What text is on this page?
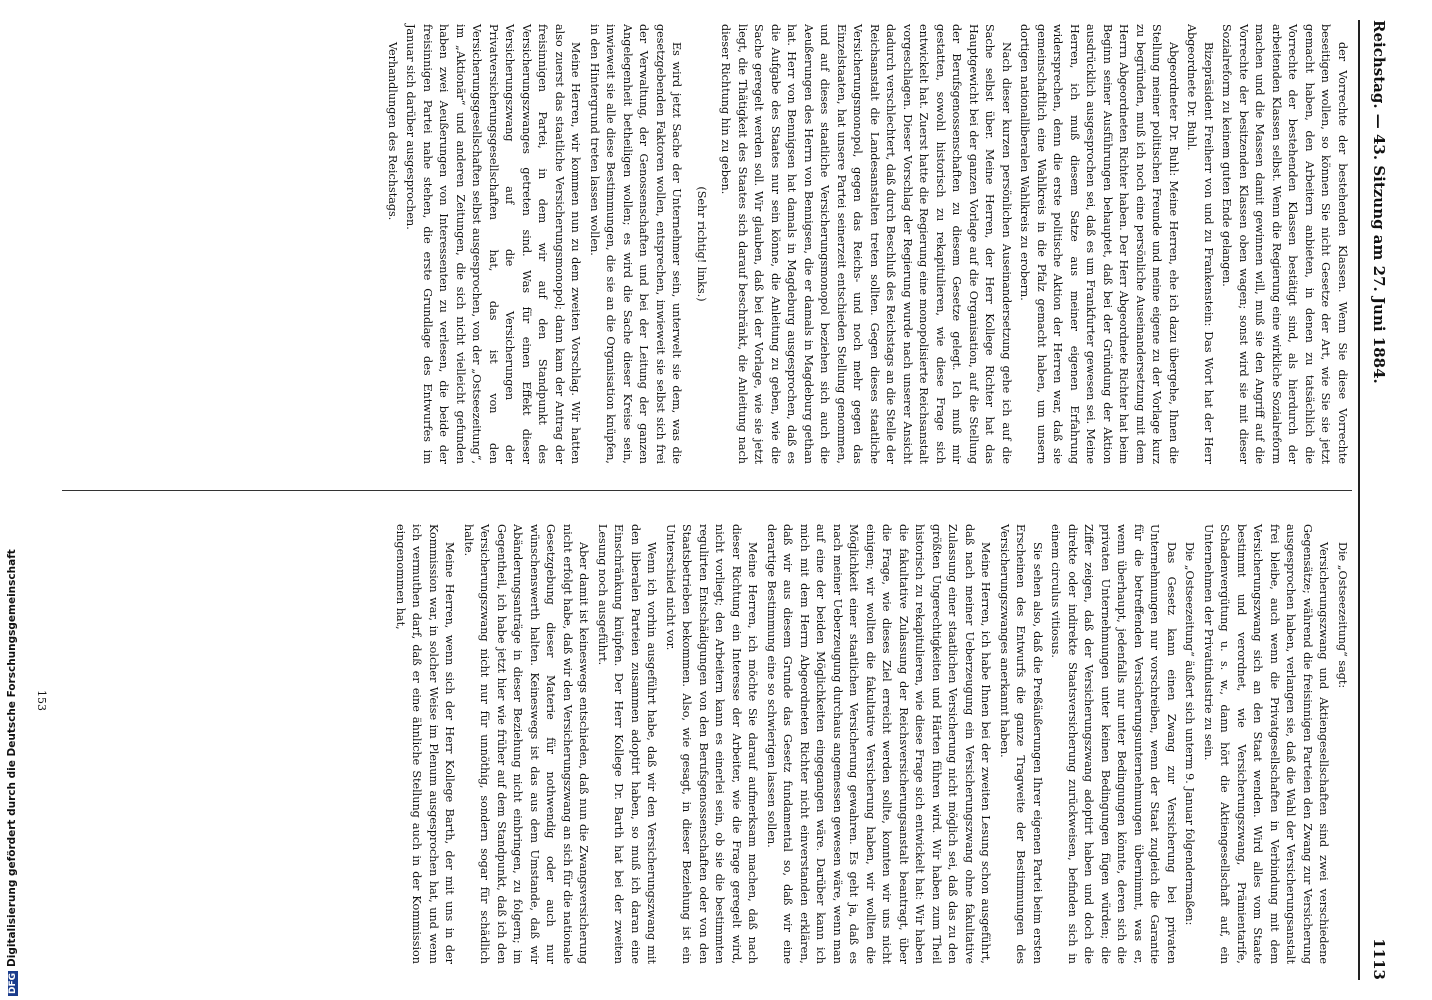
Reichstag. — 43. Sitzung am 27. Juni 1884.
1113

der Vorrechte der bestehenden Klassen. Wenn Sie diese Vorrechte beseitigen wollen, so können Sie nicht Gesetze der Art, wie Sie sie jetzt gemacht haben, den Arbeitern anbieten, in denen zu tatsächlich die Vorrechte der bestehenden Klassen bestätigt sind, als hierdurch der arbeitenden Klassen selbst. Wenn die Regierung eine wirkliche Sozialreform machen und die Massen damit gewinnen will, muß sie den Angriff auf die Vorrechte der besitzenden Klassen oben wagen; sonst wird sie mit dieser Sozialreform zu keinem guten Ende gelangen.

Bizepräsident Freiherr von und zu Frankenstein: Das Wort hat der Herr Abgeordnete Dr. Buhl.

Abgeordneter Dr. Buhl: Meine Herren, ehe ich dazu übergehe, Ihnen die Stellung meiner politischen Freunde und meine eigene zu der Vorlage kurz zu begründen, muß ich noch eine persönliche Auseinandersetzung mit dem Herrn Abgeordneten Richter haben. Der Herr Abgeordnete Richter hat beim Beginn seiner Ausführungen behauptet, daß bei der Gründung der Aktion ausdrücklich ausgesprochen sei, daß es um Frankfurter gewesen sei. Meine Herren, ich muß diesem Satze aus meiner eigenen Erfahrung widersprechen, denn die erste politische Aktion der Herren war, daß sie gemeinschaftlich eine Wahlkreis in die Pfalz gemacht haben, um unsern dortigen nationalliberalen Wahlkreis zu erobern.

Nach dieser kurzen persönlichen Auseinandersetzung gehe ich auf die Sache selbst über. Meine Herren, der Herr Kollege Richter hat das Hauptgewicht bei der ganzen Vorlage auf die Organisation, auf die Stellung der Berufsgenossenschaften zu diesem Gesetze gelegt. Ich muß mir gestatten, sowohl historisch zu rekapitulieren, wie diese Frage sich entwickelt hat. Zuerst hatte die Regierung eine monopolisierte Reichsanstalt vorgeschlagen. Dieser Vorschlag der Regierung wurde nach unserer Ansicht dadurch verschlechtert, daß durch Beschluß des Reichstags an die Stelle der Reichsanstalt die Landesanstalten treten sollten. Gegen dieses staatliche Versicherungsmonopol, gegen das Reichs- und noch mehr gegen das Einzelstaaten, hat unsere Partei seinerzeit entschieden Stellung genommen, und auf dieses staatliche Versicherungsmonopol beziehen sich auch die Aeußerungen des Herrn von Bennigsen, die er damals in Magdeburg gethan hat. Herr von Bennigsen hat damals in Magdeburg ausgesprochen, daß es die Aufgabe des Staates nur sein könne, die Anleitung zu geben, wie die Sache geregelt werden soll. Wir glauben, daß bei der Vorlage, wie sie jetzt liegt, die Thätigkeit des Staates sich darauf beschränkt, die Anleitung nach dieser Richtung hin zu geben.

(Sehr richtig! links.)

Es wird jetzt Sache der Unternehmer sein, unterwelt sie dem, was die gesetzgebenden Faktoren wollen, entsprechen, inwieweit sie selbst sich frei der Verwaltung, der Genossenschaften und bei der Leitung der ganzen Angelegenheit betheiligen wollen; es wird die Sache dieser Kreise sein, inwieweit sie alle diese Bestimmungen, die sie an die Organisation knüpfen, in den Hintergrund treten lassen wollen.

Meine Herren, wir kommen nun zu dem zweiten Vorschlag. Wir hatten also zuerst das staatliche Versicherungsmonopol; dann kam der Antrag der freisinnigen Partei, in dem wir auf den Standpunkt des Versicherungszwanges getreten sind. Was für einen Effekt dieser Versicherungszwang auf die Versicherungen der Privatversicherungsgesellschaften hat, das ist von den Versicherungsgesellschaften selbst ausgesprochen, von der „Ostseezeitung“, im „Aktionär“ und anderen Zeitungen, die sich nicht vielleicht gefunden haben zwei Aeußerungen von Interessenten zu verlesen, die beide der freisinnigen Partei nahe stehen, die erste Grundlage des Entwurfes im Januar sich darüber ausgesprochen.

Verhandlungen des Reichstags.

Die „Ostseezeitung“ sagt:

Versicherungszwang und Aktiengesellschaften sind zwei verschiedene Gegensätze; während die freisinnigen Parteien den Zwang zur Versicherung ausgesprochen haben, verlangen sie, daß die Wahl der Versicherungsanstalt frei bleibe, auch wenn die Privatgesellschaften in Verbindung mit dem Versicherungszwang sich an den Staat wenden. Wird alles vom Staate bestimmt und verordnet, wie Versicherungszwang, Prämientarife, Schadenvergütung u. s. w., dann hört die Aktiengesellschaft auf, ein Unternehmen der Privatindustrie zu sein.

Die „Ostseezeitung“ äußert sich unterm 9. Januar folgendermaßen:

Das Gesetz kann einen Zwang zur Versicherung bei privaten Unternehmungen nur vorschreiben, wenn der Staat zugleich die Garantie für die betreffenden Versicherungsunternehmungen übernimmt, was er, wenn überhaupt, jedenfalls nur unter Bedingungen könnte, deren sich die privaten Unternehmungen unter keinen Bedingungen fügen würden; die Ziffer zeigen, daß der Versicherungszwang adoptirt haben und doch die direkte oder indirekte Staatsversicherung zurückweisen, befinden sich in einem circulus vitiosus.

Sie sehen also, daß die Preßäußerungen Ihrer eigenen Partei beim ersten Erscheinen des Entwurfs die ganze Tragweite der Bestimmungen des Versicherungszwanges anerkannt haben.

Meine Herren, ich habe Ihnen bei der zweiten Lesung schon ausgeführt, daß nach meiner Ueberzeugung ein Versicherungszwang ohne fakultative Zulassung einer staatlichen Versicherung nicht möglich sei, daß das zu den größten Ungerechtigkeiten und Härten führen wird. Wir haben zum Theil historisch zu rekapitulieren, wie diese Frage sich entwickelt hat: Wir haben die fakultative Zulassung der Reichsversicherungsanstalt beantragt, über die Frage, wie dieses Ziel erreicht werden sollte, konnten wir uns nicht einigen; wir wollten die fakultative Versicherung haben, wir wollten die Möglichkeit einer staatlichen Versicherung gewahren. Es geht ja, daß es nach meiner Ueberzeugung durchaus angemessen gewesen wäre, wenn man auf eine der beiden Möglichkeiten eingegangen wäre. Darüber kann ich mich mit dem Herrn Abgeordneten Richter nicht einverstanden erklären, daß wir aus diesem Grunde das Gesetz fundamental so, daß wir eine derartige Bestimmung eine so schwierigen lassen sollen.

Meine Herren, ich möchte Sie darauf aufmerksam machen, daß nach dieser Richtung ein Interesse der Arbeiter, wie die Frage geregelt wird, nicht vorliegt; den Arbeitern kann es einerlei sein, ob sie die bestimmten regulirten Entschädigungen von den Berufsgenossenschaften oder von den Staatsbetrieben bekommen. Also, wie gesagt, in dieser Beziehung ist ein Unterschied nicht vor.

Wenn ich vorhin ausgeführt habe, daß wir den Versicherungszwang mit den liberalen Parteien zusammen adoptirt haben, so muß ich daran eine Einschränkung knüpfen. Der Herr Kollege Dr. Barth hat bei der zweiten Lesung noch ausgeführt.

Aber damit ist keineswegs entschieden, daß nun die Zwangsversicherung nicht erfolgt habe, daß wir den Versicherungszwang an sich für die nationale Gesetzgebung dieser Materie für nothwendig oder auch nur wünschenswerth halten. Keineswegs ist das aus dem Umstande, daß wir Abänderungsanträge in dieser Beziehung nicht einbringen, zu folgern; im Gegentheil, ich habe jetzt hier wie früher auf dem Standpunkt, daß ich den Versicherungszwang nicht nur für unnöthig, sondern sogar für schädlich halte.

Meine Herren, wenn sich der Herr Kollege Barth, der mit uns in der Kommission war, in solcher Weise im Plenum ausgesprochen hat, und wenn ich vermuthen darf, daß er eine ähnliche Stellung auch in der Kommission eingenommen hat,

153
DFGDigitalisierung gefördert durch die Deutsche Forschungsgemeinschaft
